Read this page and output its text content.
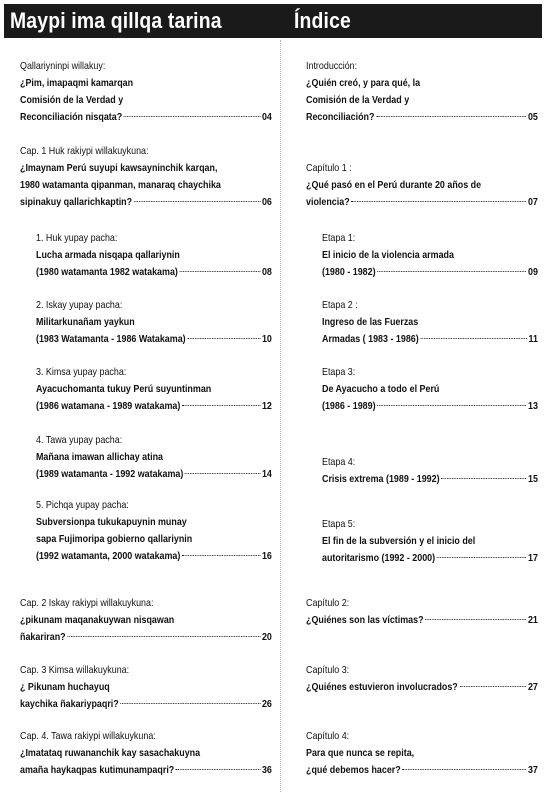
Maypi ima qillqa tarina	Índice
Qallariyninpi willakuy:
¿Pim, imapaqmi kamarqan
Comisión de la Verdad y
Reconciliación nisqata?	04
Cap. 1 Huk rakiypi willakuykuna:
¿Imaynam Perú suyupi kawsayninchik karqan,
1980 watamanta qipanman, manaraq chaychika
sipinakuy qallarichkaptin?	06
1. Huk yupay pacha:
Lucha armada nisqapa qallariynin
(1980 watamanta 1982 watakama)	08
2. Iskay yupay pacha:
Militarkunañam yaykun
(1983 Watamanta - 1986 Watakama)	10
3. Kimsa yupay pacha:
Ayacuchomanta tukuy Perú suyuntinman
(1986 watamana - 1989 watakama)	12
4. Tawa yupay pacha:
Mañana imawan allichay atina
(1989 watamanta - 1992 watakama)	14
5. Pichqa yupay pacha:
Subversionpa tukukapuynin munay
sapa Fujimoripa gobierno qallariynin
(1992 watamanta, 2000 watakama)	16
Cap. 2 Iskay rakiypi willakuykuna:
¿pikunam maqanakuywan nisqawan
ñakariran?	20
Cap. 3 Kimsa willakuykuna:
¿ Pikunam huchayuq
kaychika ñakariypaqri?	26
Cap. 4. Tawa rakiypi willakuykuna:
¿Imatataq ruwananchik kay sasachakuyna
amaña haykaqpas kutimunampaqri?	36
Introducción:
¿Quién creó, y para qué, la
Comisión de la Verdad y
Reconciliación?	05
Capítulo 1 :
¿Qué pasó en el Perú durante 20 años de
violencia?	07
Etapa 1:
El inicio de la violencia armada
(1980 - 1982)	09
Etapa 2 :
Ingreso de las Fuerzas
Armadas ( 1983 - 1986)	11
Etapa 3:
De Ayacucho a todo el Perú
(1986 - 1989)	13
Etapa 4:
Crisis extrema (1989 - 1992)	15
Etapa 5:
El fin de la subversión y el inicio del
autoritarismo (1992 - 2000)	17
Capítulo 2:
¿Quiénes son las víctimas?	21
Capítulo 3:
¿Quiénes estuvieron involucrados?	27
Capítulo 4:
Para que nunca se repita,
¿qué debemos hacer?	37
